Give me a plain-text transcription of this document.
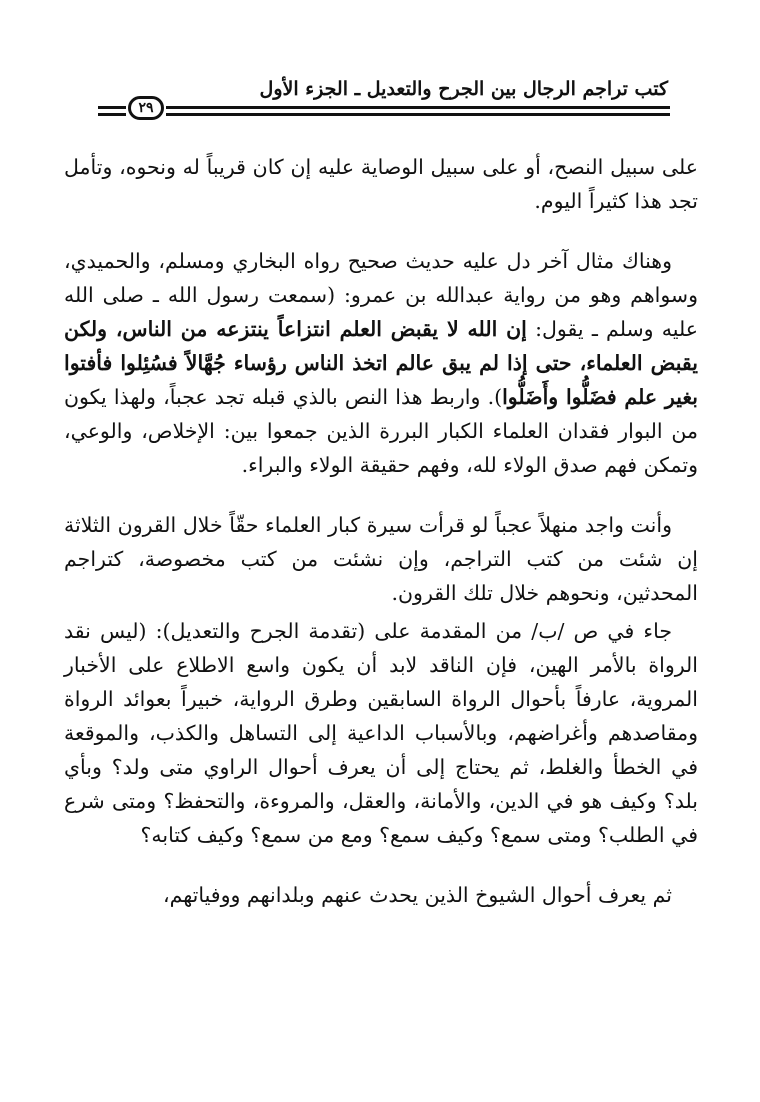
كتب تراجم الرجال بين الجرح والتعديل ـ الجزء الأول
٢٩

على سبيل النصح، أو على سبيل الوصاية عليه إن كان قريباً له ونحوه، وتأمل تجد هذا كثيراً اليوم.

وهناك مثال آخر دل عليه حديث صحيح رواه البخاري ومسلم، والحميدي، وسواهم وهو من رواية عبدالله بن عمرو: (سمعت رسول الله ـ صلى الله عليه وسلم ـ يقول: إن الله لا يقبض العلم انتزاعاً ينتزعه من الناس، ولكن يقبض العلماء، حتى إذا لم يبق عالم اتخذ الناس رؤساء جُهَّالاً فسُئِلوا فأفتوا بغير علم فضَلُّوا وأَضَلُّوا). واربط هذا النص بالذي قبله تجد عجباً، ولهذا يكون من البوار فقدان العلماء الكبار البررة الذين جمعوا بين: الإخلاص، والوعي، وتمكن فهم صدق الولاء لله، وفهم حقيقة الولاء والبراء.

وأنت واجد منهلاً عجباً لو قرأت سيرة كبار العلماء حقّاً خلال القرون الثلاثة إن شئت من كتب التراجم، وإن نشئت من كتب مخصوصة، كتراجم المحدثين، ونحوهم خلال تلك القرون.

جاء في ص /ب/ من المقدمة على (تقدمة الجرح والتعديل): (ليس نقد الرواة بالأمر الهين، فإن الناقد لابد أن يكون واسع الاطلاع على الأخبار المروية، عارفاً بأحوال الرواة السابقين وطرق الرواية، خبيراً بعوائد الرواة ومقاصدهم وأغراضهم، وبالأسباب الداعية إلى التساهل والكذب، والموقعة في الخطأ والغلط، ثم يحتاج إلى أن يعرف أحوال الراوي متى ولد؟ وبأي بلد؟ وكيف هو في الدين، والأمانة، والعقل، والمروءة، والتحفظ؟ ومتى شرع في الطلب؟ ومتى سمع؟ وكيف سمع؟ ومع من سمع؟ وكيف كتابه؟

ثم يعرف أحوال الشيوخ الذين يحدث عنهم وبلدانهم ووفياتهم،
